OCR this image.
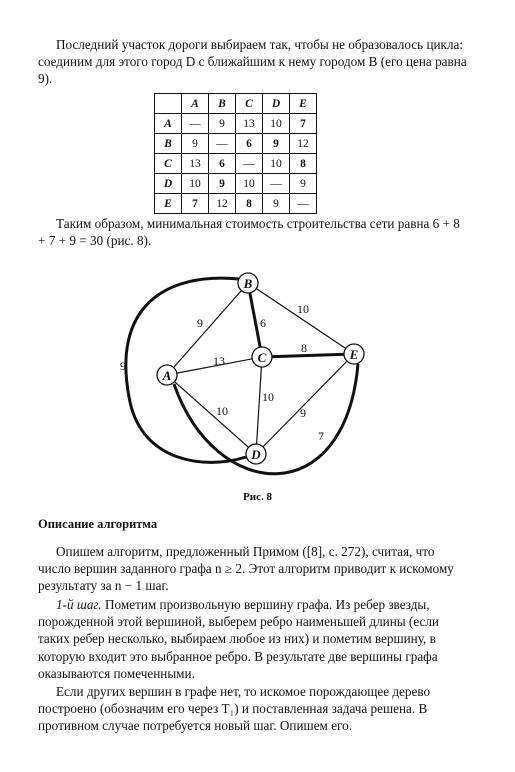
Последний участок дороги выбираем так, чтобы не образовалось цикла: соединим для этого город D с ближайшим к нему городом B (его цена равна 9).

	A	B	C	D	E
A	—	9	13	10	7
B	9	—	6	9	12
C	13	6	—	10	8
D	10	9	10	—	9
E	7	12	8	9	—

Таким образом, минимальная стоимость строительства сети равна 6 + 8 + 7 + 9 = 30 (рис. 8).

9
13
10
6
10
8
10
9
9
7
B
A
C	E
D
Рис. 8

Описание алгоритма

Опишем алгоритм, предложенный Примом ([8], с. 272), считая, что число вершин заданного графа n ≥ 2. Этот алгоритм приводит к искомому результату за n − 1 шаг.

1-й шаг. Пометим произвольную вершину графа. Из ребер звезды, порожденной этой вершиной, выберем ребро наименьшей длины (если таких ребер несколько, выбираем любое из них) и пометим вершину, в которую входит это выбранное ребро. В результате две вершины графа оказываются помеченными.

Если других вершин в графе нет, то искомое порождающее дерево построено (обозначим его через T₁) и поставленная задача решена. В противном случае потребуется новый шаг. Опишем его.
